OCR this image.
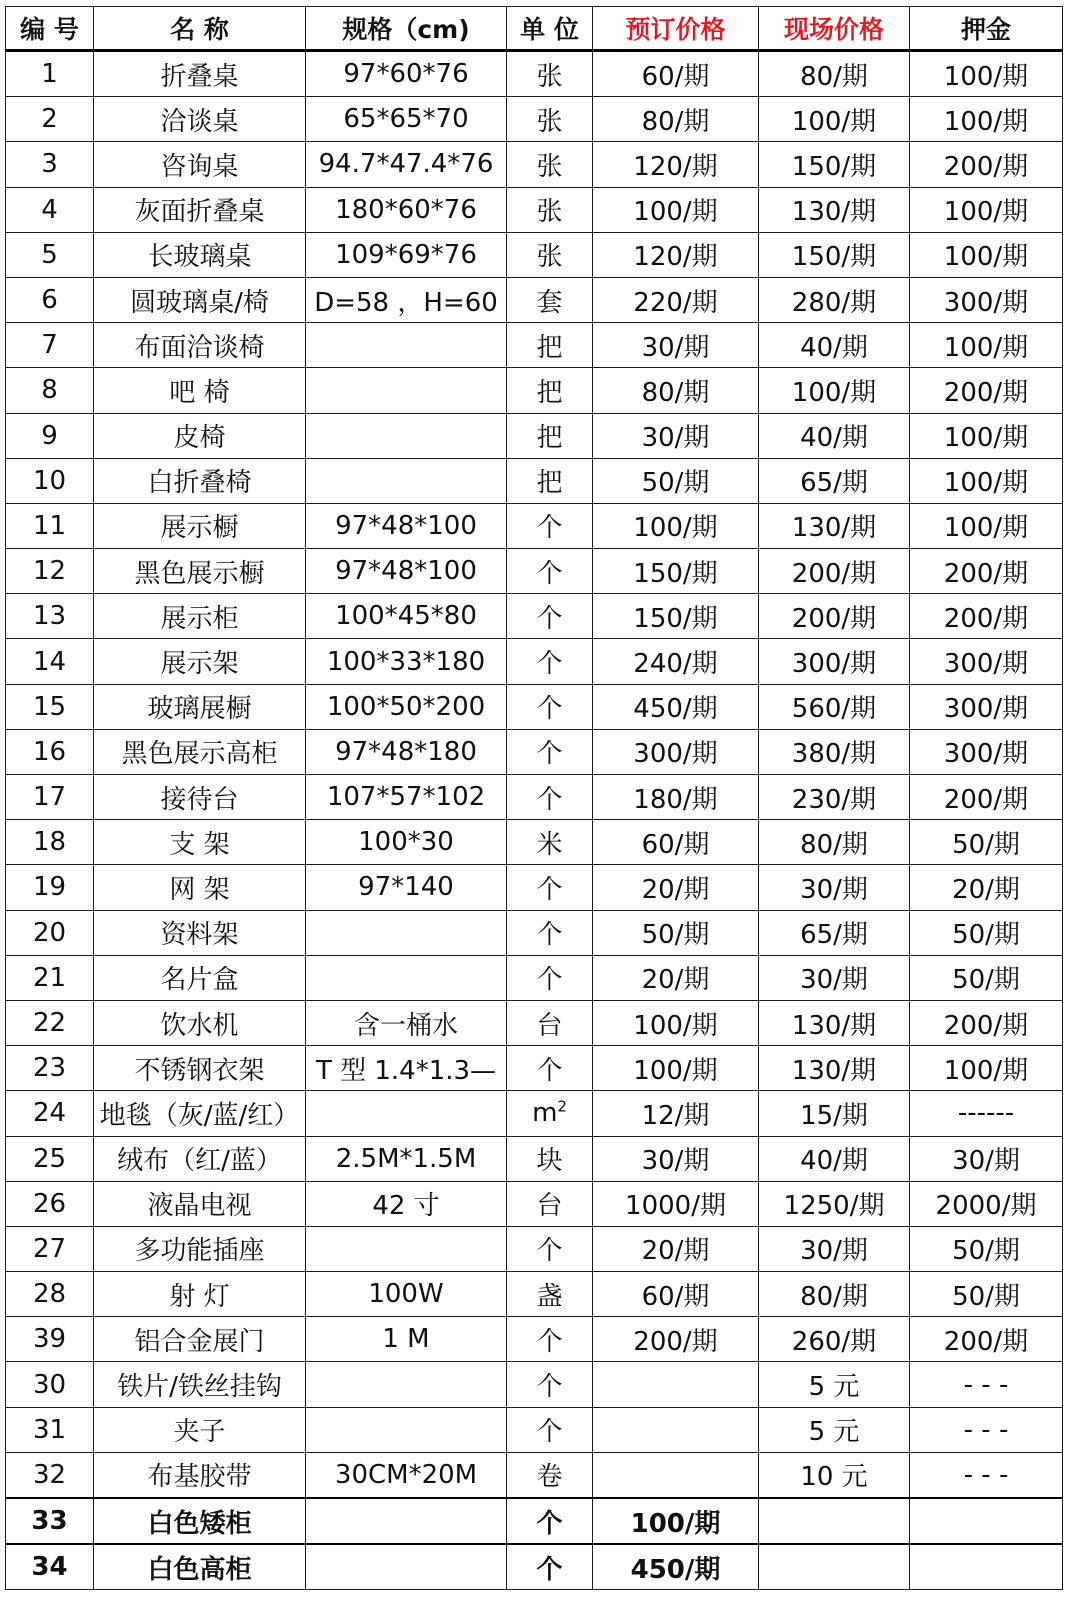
编 号	名 称	规格（cm)	单 位	预订价格	现场价格	押金
1	折叠桌	97*60*76	张	60/期	80/期	100/期
2	洽谈桌	65*65*70	张	80/期	100/期	100/期
3	咨询桌	94.7*47.4*76	张	120/期	150/期	200/期
4	灰面折叠桌	180*60*76	张	100/期	130/期	100/期
5	长玻璃桌	109*69*76	张	120/期	150/期	100/期
6	圆玻璃桌/椅	D=58 ，H=60	套	220/期	280/期	300/期
7	布面洽谈椅		把	30/期	40/期	100/期
8	吧 椅		把	80/期	100/期	200/期
9	皮椅		把	30/期	40/期	100/期
10	白折叠椅		把	50/期	65/期	100/期
11	展示橱	97*48*100	个	100/期	130/期	100/期
12	黑色展示橱	97*48*100	个	150/期	200/期	200/期
13	展示柜	100*45*80	个	150/期	200/期	200/期
14	展示架	100*33*180	个	240/期	300/期	300/期
15	玻璃展橱	100*50*200	个	450/期	560/期	300/期
16	黑色展示高柜	97*48*180	个	300/期	380/期	300/期
17	接待台	107*57*102	个	180/期	230/期	200/期
18	支 架	100*30	米	60/期	80/期	50/期
19	网 架	97*140	个	20/期	30/期	20/期
20	资料架		个	50/期	65/期	50/期
21	名片盒		个	20/期	30/期	50/期
22	饮水机	含一桶水	台	100/期	130/期	200/期
23	不锈钢衣架	T 型 1.4*1.3—	个	100/期	130/期	100/期
24	地毯（灰/蓝/红）		$m^2$	12/期	15/期	------
25	绒布（红/蓝）	2.5M*1.5M	块	30/期	40/期	30/期
26	液晶电视	42 寸	台	1000/期	1250/期	2000/期
27	多功能插座		个	20/期	30/期	50/期
28	射 灯	100W	盏	60/期	80/期	50/期
39	铝合金展门	1 M	个	200/期	260/期	200/期
30	铁片/铁丝挂钩		个		5 元	- - -
31	夹子		个		5 元	- - -
32	布基胶带	30CM*20M	卷		10 元	- - -
33	白色矮柜		个	100/期		
34	白色高柜		个	450/期		
